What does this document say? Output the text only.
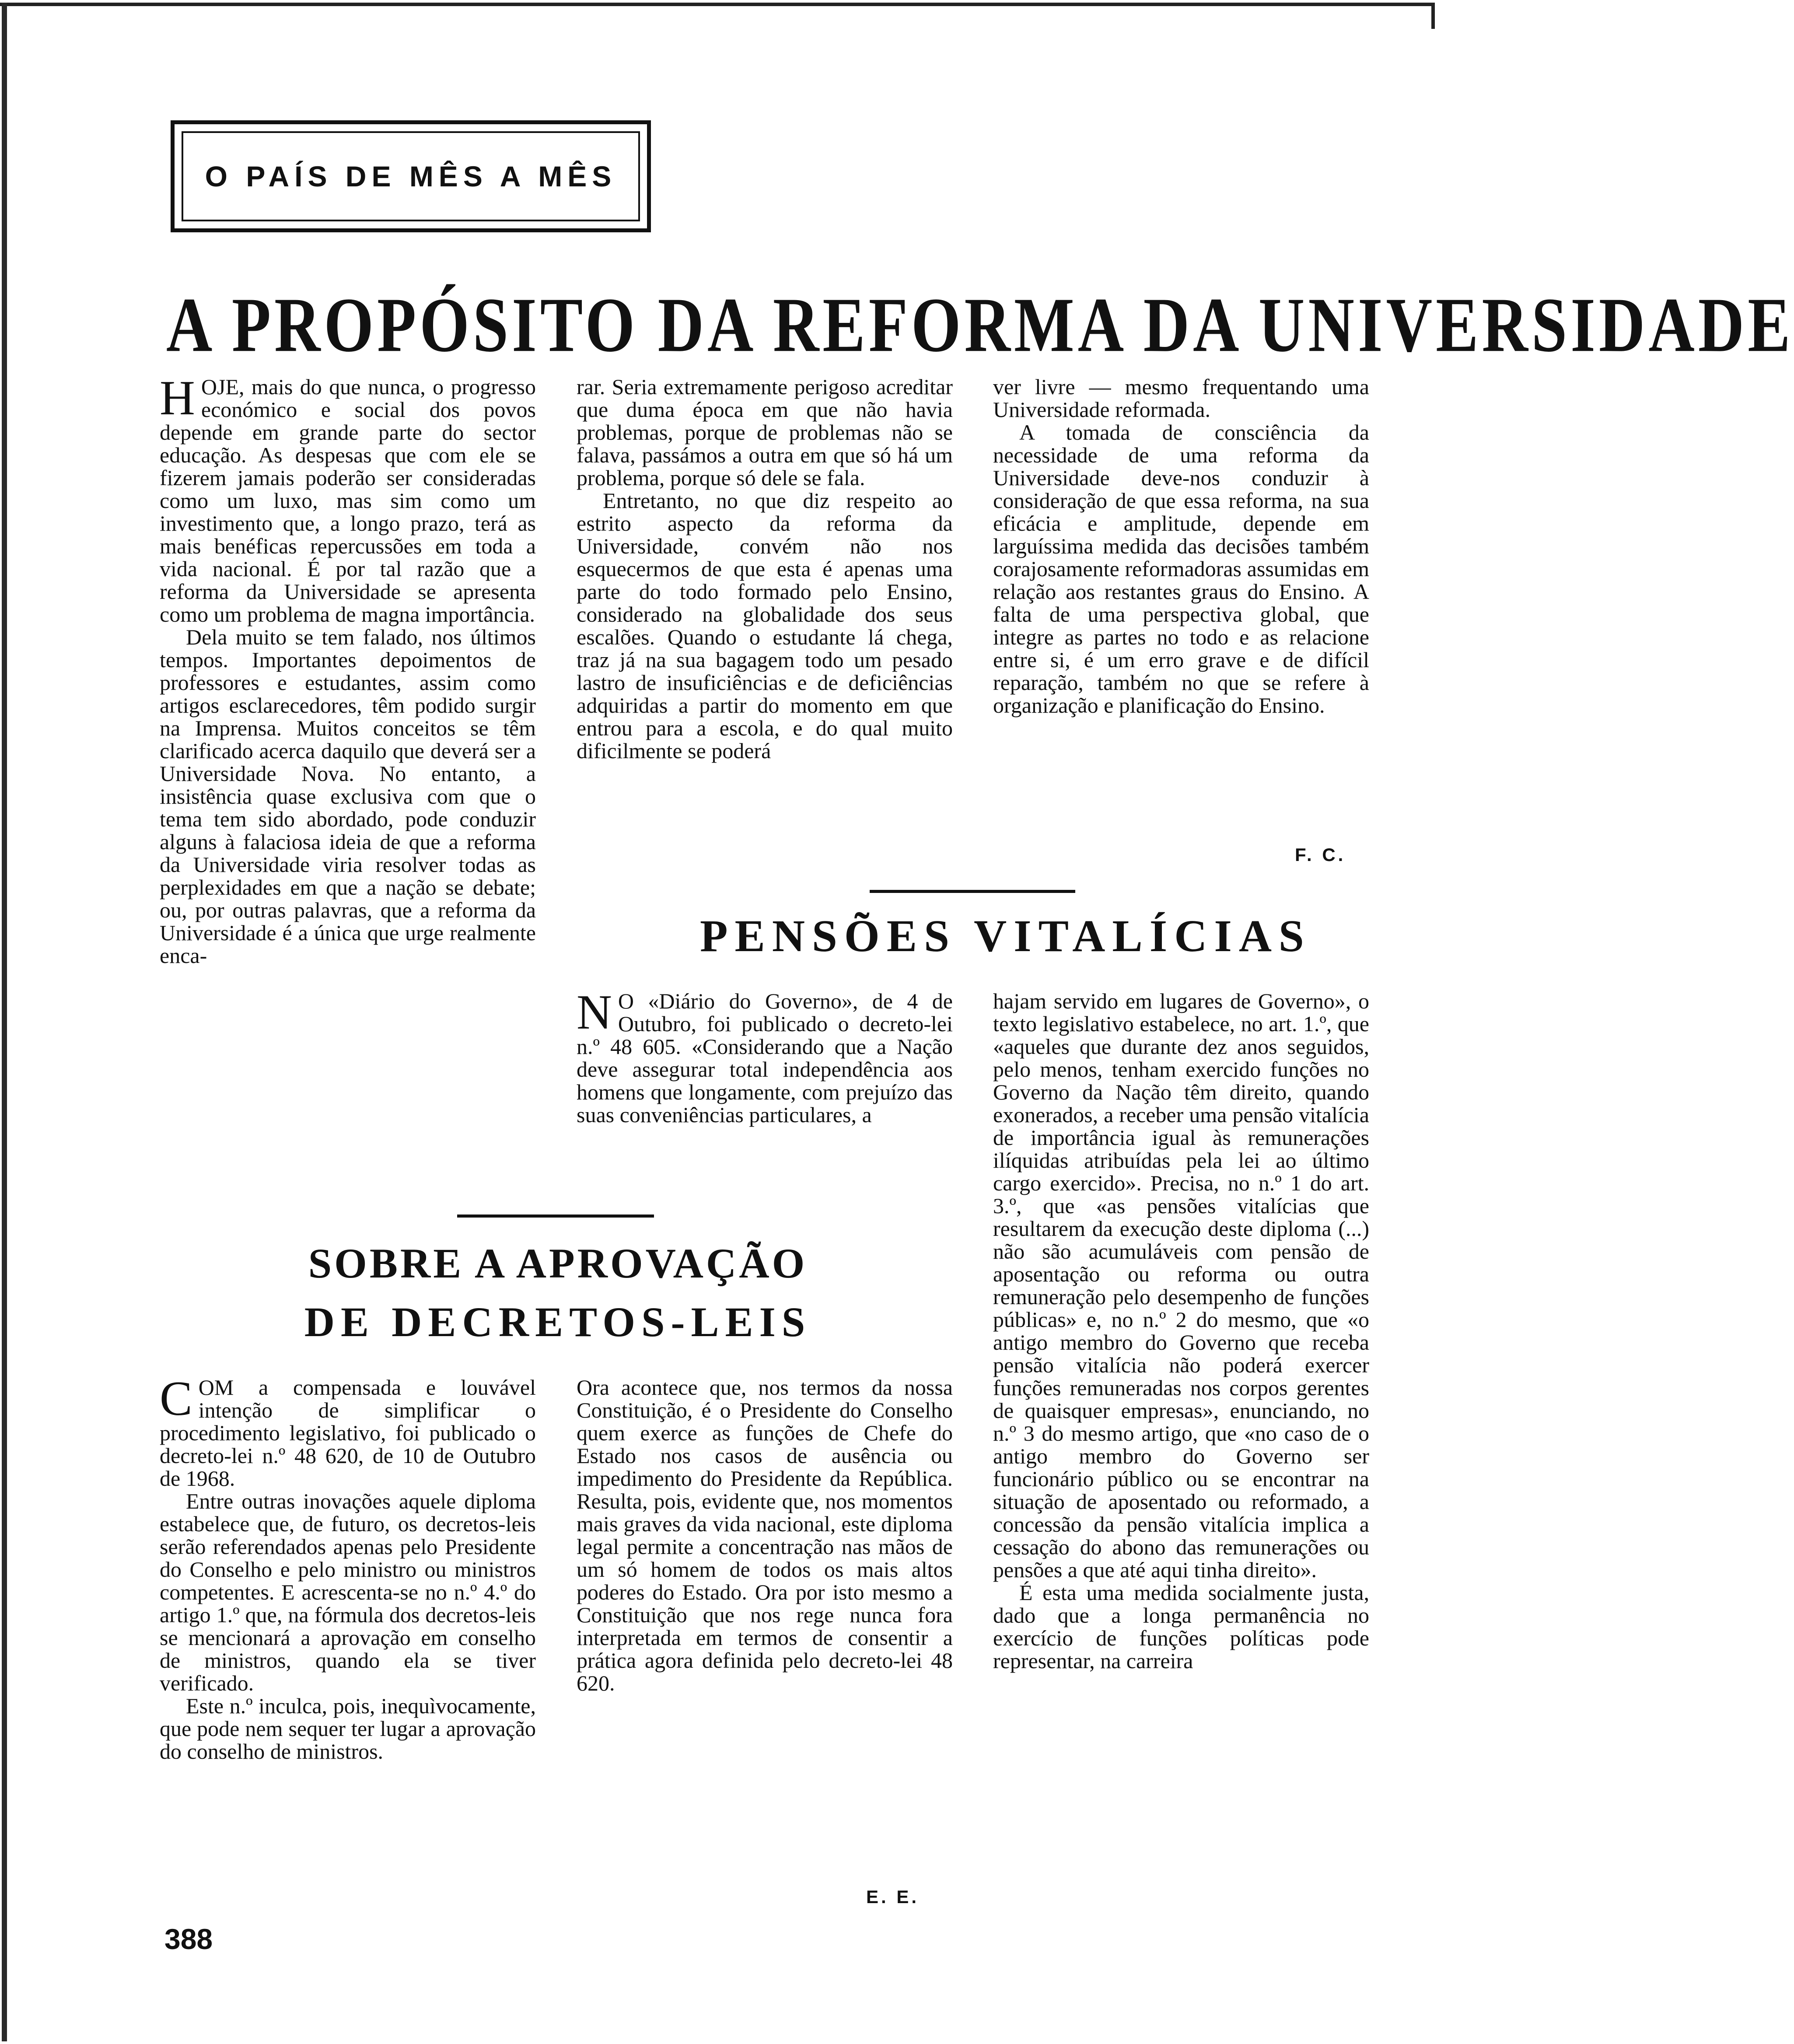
O PAÍS DE MÊS A MÊS
A PROPÓSITO DA REFORMA DA UNIVERSIDADE

HOJE, mais do que nunca, o progresso económico e social dos povos depende em grande parte do sector educação. As despesas que com ele se fizerem jamais poderão ser consideradas como um luxo, mas sim como um investimento que, a longo prazo, terá as mais benéficas repercussões em toda a vida nacional. É por tal razão que a reforma da Universidade se apresenta como um problema de magna importância.

Dela muito se tem falado, nos últimos tempos. Importantes depoimentos de professores e estudantes, assim como artigos esclarecedores, têm podido surgir na Imprensa. Muitos conceitos se têm clarificado acerca daquilo que deverá ser a Universidade Nova. No entanto, a insistência quase exclusiva com que o tema tem sido abordado, pode conduzir alguns à falaciosa ideia de que a reforma da Universidade viria resolver todas as perplexidades em que a nação se debate; ou, por outras palavras, que a reforma da Universidade é a única que urge realmente enca-

rar. Seria extremamente perigoso acreditar que duma época em que não havia problemas, porque de problemas não se falava, passámos a outra em que só há um problema, porque só dele se fala.

Entretanto, no que diz respeito ao estrito aspecto da reforma da Universidade, convém não nos esquecermos de que esta é apenas uma parte do todo formado pelo Ensino, considerado na globalidade dos seus escalões. Quando o estudante lá chega, traz já na sua bagagem todo um pesado lastro de insuficiências e de deficiências adquiridas a partir do momento em que entrou para a escola, e do qual muito dificilmente se poderá

ver livre — mesmo frequentando uma Universidade reformada.

A tomada de consciência da necessidade de uma reforma da Universidade deve-nos conduzir à consideração de que essa reforma, na sua eficácia e amplitude, depende em larguíssima medida das decisões também corajosamente reformadoras assumidas em relação aos restantes graus do Ensino. A falta de uma perspectiva global, que integre as partes no todo e as relacione entre si, é um erro grave e de difícil reparação, também no que se refere à organização e planificação do Ensino.

F. C.
PENSÕES VITALÍCIAS

N O «Diário do Governo», de 4 de Outubro, foi publicado o decreto-lei n.º 48 605. «Considerando que a Nação deve assegurar total independência aos homens que longamente, com prejuízo das suas conveniências particulares, a

hajam servido em lugares de Governo», o texto legislativo estabelece, no art. 1.º, que «aqueles que durante dez anos seguidos, pelo menos, tenham exercido funções no Governo da Nação têm direito, quando exonerados, a receber uma pensão vitalícia de importância igual às remunerações ilíquidas atribuídas pela lei ao último cargo exercido». Precisa, no n.º 1 do art. 3.º, que «as pensões vitalícias que resultarem da execução deste diploma (...) não são acumuláveis com pensão de aposentação ou reforma ou outra remuneração pelo desempenho de funções públicas» e, no n.º 2 do mesmo, que «o antigo membro do Governo que receba pensão vitalícia não poderá exercer funções remuneradas nos corpos gerentes de quaisquer empresas», enunciando, no n.º 3 do mesmo artigo, que «no caso de o antigo membro do Governo ser funcionário público ou se encontrar na situação de aposentado ou reformado, a concessão da pensão vitalícia implica a cessação do abono das remunerações ou pensões a que até aqui tinha direito».

É esta uma medida socialmente justa, dado que a longa permanência no exercício de funções políticas pode representar, na carreira

SOBRE A APROVAÇÃO
DE DECRETOS-LEIS

COM a compensada e louvável intenção de simplificar o procedimento legislativo, foi publicado o decreto-lei n.º 48 620, de 10 de Outubro de 1968.

Entre outras inovações aquele diploma estabelece que, de futuro, os decretos-leis serão referendados apenas pelo Presidente do Conselho e pelo ministro ou ministros competentes. E acrescenta-se no n.º 4.º do artigo 1.º que, na fórmula dos decretos-leis se mencionará a aprovação em conselho de ministros, quando ela se tiver verificado.

Este n.º inculca, pois, inequìvocamente, que pode nem sequer ter lugar a aprovação do conselho de ministros.

Ora acontece que, nos termos da nossa Constituição, é o Presidente do Conselho quem exerce as funções de Chefe do Estado nos casos de ausência ou impedimento do Presidente da República. Resulta, pois, evidente que, nos momentos mais graves da vida nacional, este diploma legal permite a concentração nas mãos de um só homem de todos os mais altos poderes do Estado. Ora por isto mesmo a Constituição que nos rege nunca fora interpretada em termos de consentir a prática agora definida pelo decreto-lei 48 620.

E. E.
388
